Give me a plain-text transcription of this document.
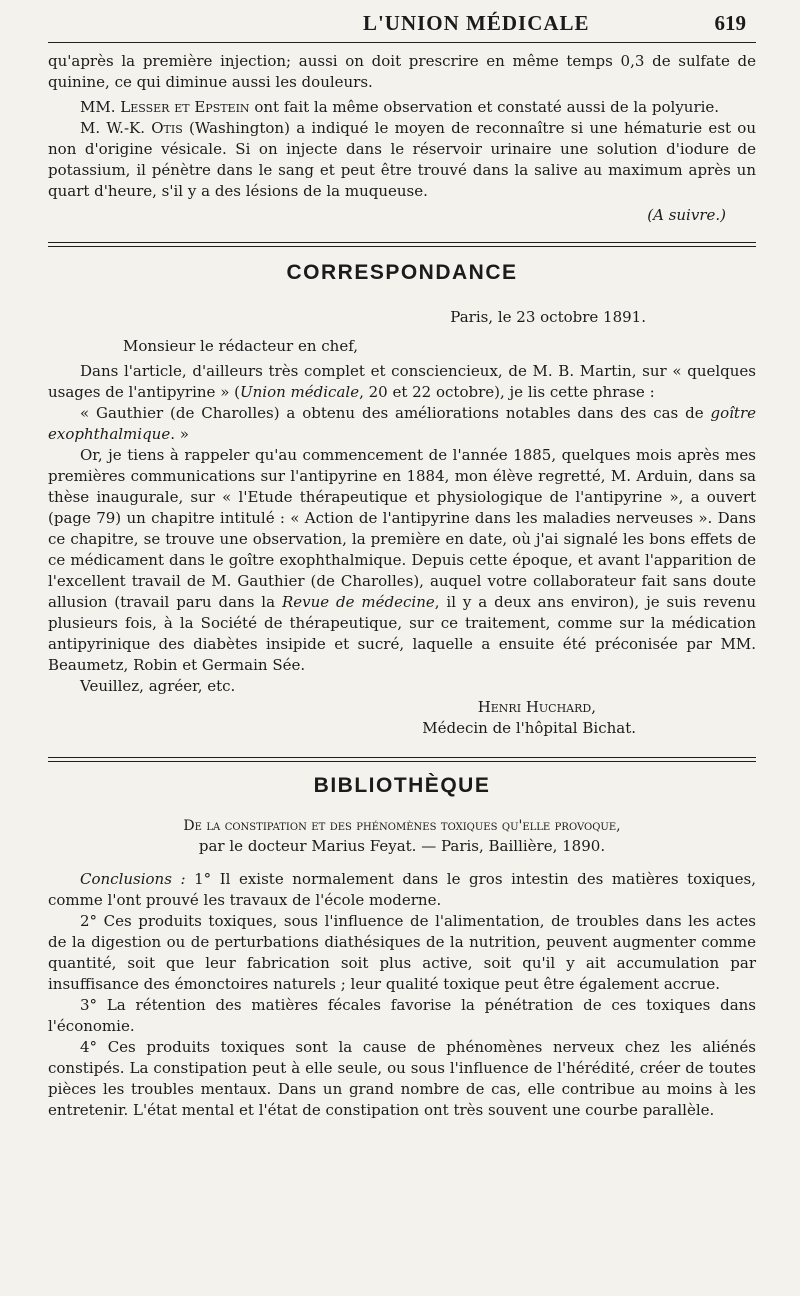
L'UNION MÉDICALE	619

qu'après la première injection; aussi on doit prescrire en même temps 0,3 de sulfate de quinine, ce qui diminue aussi les douleurs.

MM. Lesser et Epstein ont fait la même observation et constaté aussi de la polyurie.

M. W.-K. Otis (Washington) a indiqué le moyen de reconnaître si une hématurie est ou non d'origine vésicale. Si on injecte dans le réservoir urinaire une solution d'iodure de potassium, il pénètre dans le sang et peut être trouvé dans la salive au maximum après un quart d'heure, s'il y a des lésions de la muqueuse.

(A suivre.)

CORRESPONDANCE
Paris, le 23 octobre 1891.
Monsieur le rédacteur en chef,

Dans l'article, d'ailleurs très complet et consciencieux, de M. B. Martin, sur « quelques usages de l'antipyrine » (Union médicale, 20 et 22 octobre), je lis cette phrase :

« Gauthier (de Charolles) a obtenu des améliorations notables dans des cas de goître exophthalmique. »

Or, je tiens à rappeler qu'au commencement de l'année 1885, quelques mois après mes premières communications sur l'antipyrine en 1884, mon élève regretté, M. Arduin, dans sa thèse inaugurale, sur « l'Etude thérapeutique et physiologique de l'antipyrine », a ouvert (page 79) un chapitre intitulé : « Action de l'antipyrine dans les maladies nerveuses ». Dans ce chapitre, se trouve une observation, la première en date, où j'ai signalé les bons effets de ce médicament dans le goître exophthalmique. Depuis cette époque, et avant l'apparition de l'excellent travail de M. Gauthier (de Charolles), auquel votre collaborateur fait sans doute allusion (travail paru dans la Revue de médecine, il y a deux ans environ), je suis revenu plusieurs fois, à la Société de thérapeutique, sur ce traitement, comme sur la médication antipyrinique des diabètes insipide et sucré, laquelle a ensuite été préconisée par MM. Beaumetz, Robin et Germain Sée.

Veuillez, agréer, etc.

Henri Huchard,
Médecin de l'hôpital Bichat.
BIBLIOTHÈQUE
De la constipation et des phénomènes toxiques qu'elle provoque,
par le docteur Marius Feyat. — Paris, Baillière, 1890.

Conclusions : 1° Il existe normalement dans le gros intestin des matières toxiques, comme l'ont prouvé les travaux de l'école moderne.

2° Ces produits toxiques, sous l'influence de l'alimentation, de troubles dans les actes de la digestion ou de perturbations diathésiques de la nutrition, peuvent augmenter comme quantité, soit que leur fabrication soit plus active, soit qu'il y ait accumulation par insuffisance des émonctoires naturels ; leur qualité toxique peut être également accrue.

3° La rétention des matières fécales favorise la pénétration de ces toxiques dans l'économie.

4° Ces produits toxiques sont la cause de phénomènes nerveux chez les aliénés constipés. La constipation peut à elle seule, ou sous l'influence de l'hérédité, créer de toutes pièces les troubles mentaux. Dans un grand nombre de cas, elle contribue au moins à les entretenir. L'état mental et l'état de constipation ont très souvent une courbe parallèle.
